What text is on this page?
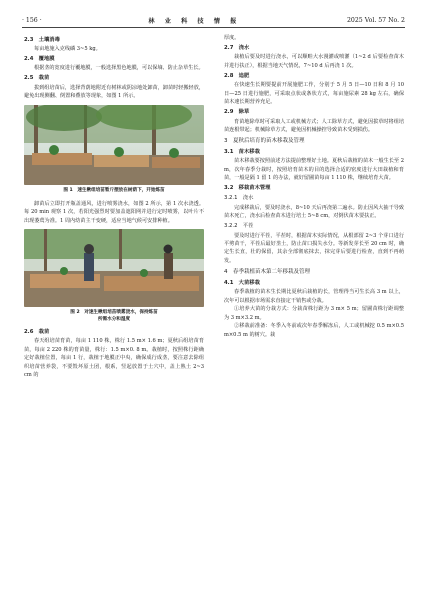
· 156 ·	林 业 科 技 情 报	2025 Vol. 57 No. 2
2.3　土壤消毒

每亩地施入克线磷 3~5 kg。

2.4　覆地膜

根据垄的宽度进行覆地膜，一般选择黑色地膜，可以保墒、防止杂草生长。

2.5　栽苗

拔到组培苗后，选择背荫地附近有树林或阴凉地处卸苗，卸苗时轻搬轻放，避免出现侧翻、倒置和叠放等现象，如图 1 所示。

图 1　速生楸组培苗暂斤摆放在树荫下，开始炼苗

卸苗后立即打开瓶盖通风，进行喷雾浇水，如图 2 所示，第 1 次水浇透。每 20 min 观察 1 次，若阳光强烈时要加盖遮阳网并进行定时喷雾，以叶片不出现萎蔫为准。1 周内幼苗主干变硬，适应当地气候可安排种植。

图 2　对速生楸组培苗喷雾浇水，保持炼苗
所需水分和湿度
2.6　栽苗

春天组培苗育苗，每亩 1 110 株，株行 1.5 m× 1.6 m；夏秋后组培苗育苗，每亩 2 220 株的育苗量，株行：1.5 m×0. 8 m。栽植时，按照株行距确定好栽植位置，每亩 1 行，栽植于地膜正中央，确保成行成垄，要注意去除组织培苗营养袋，不要毁坏原土团，根系，竖起放置于土穴中，盖上熟土 2~3 cm 的

厚度。

2.7　浇水

栽植后要及时进行浇水，可以顺畦大水漫灌或喷灌（1~2 d 后要检查苗木并进行扶正），根据当地天气情况，7~10 d 后再浇 1 次。

2.8　追肥

在快速生长期要提前开展施肥工作，分别于 5 月 5 日—10 日和 8 月 10 日—25 日进行施肥，可采取点状或条状方式，每亩施尿素 28 kg 左右，确保苗木速长期营养充足。

2.9　除草

育苗地除草时可采取人工或机械方式；人工除草方式，避免因拔草时将组培苗连根带起；机械除草方式，避免因机械操控导致苗木受到损伤。

3　夏秋后培育的苗木移栽及管理
3.1　苗木移栽

苗木移栽要按照前述方法提前整理好土地。夏秋后栽植的苗木一般生长至 2 m，次年春季分栽时，按照培育苗木的目的选择合适的密度进行大田栽植和育苗，一般是隔 1 留 1 的办法，就好留圃苗每亩 1 110 株，继续培育大苗。

3.2　移栽苗木管理
3.2.1　浇水

完成移栽后，要及时浇水，8~10 天后再浇第二遍水。防止因风大抽干导致苗木死亡，浇水后检查苗木进行培土 5~8 cm，对倒伏苗木要扶正。

3.2.2　平茬

要及时进行平茬，平茬时，根据苗木实际情况，从根部留 2~3 个芽口进行平剪苗干，平茬后最好垄土，防止苗口损失水分。等新发芽长至 20 cm 时，确定生长直，壮的保留，其余全部彻底抹去，抹完芽后要进行检查，直到不再萌发。

4　春季栽植苗木第二年移栽及管理
4.1　大苗移栽

春季栽植的苗木生长期比夏秋后栽植的长，管理得当可生长高 3 m 以上，次年可以根据市场需求直接定干销售或分栽。

①培养大苗的分栽方式：分栽苗株行距为 3 m× 5 m；留圃苗株行距调整为 3 m×3.2 m。

②移栽前准备：冬季入冬前或次年春季解冻后，人工或机械挖 0.5 m×0.5 m×0.5 m 的树穴。栽
